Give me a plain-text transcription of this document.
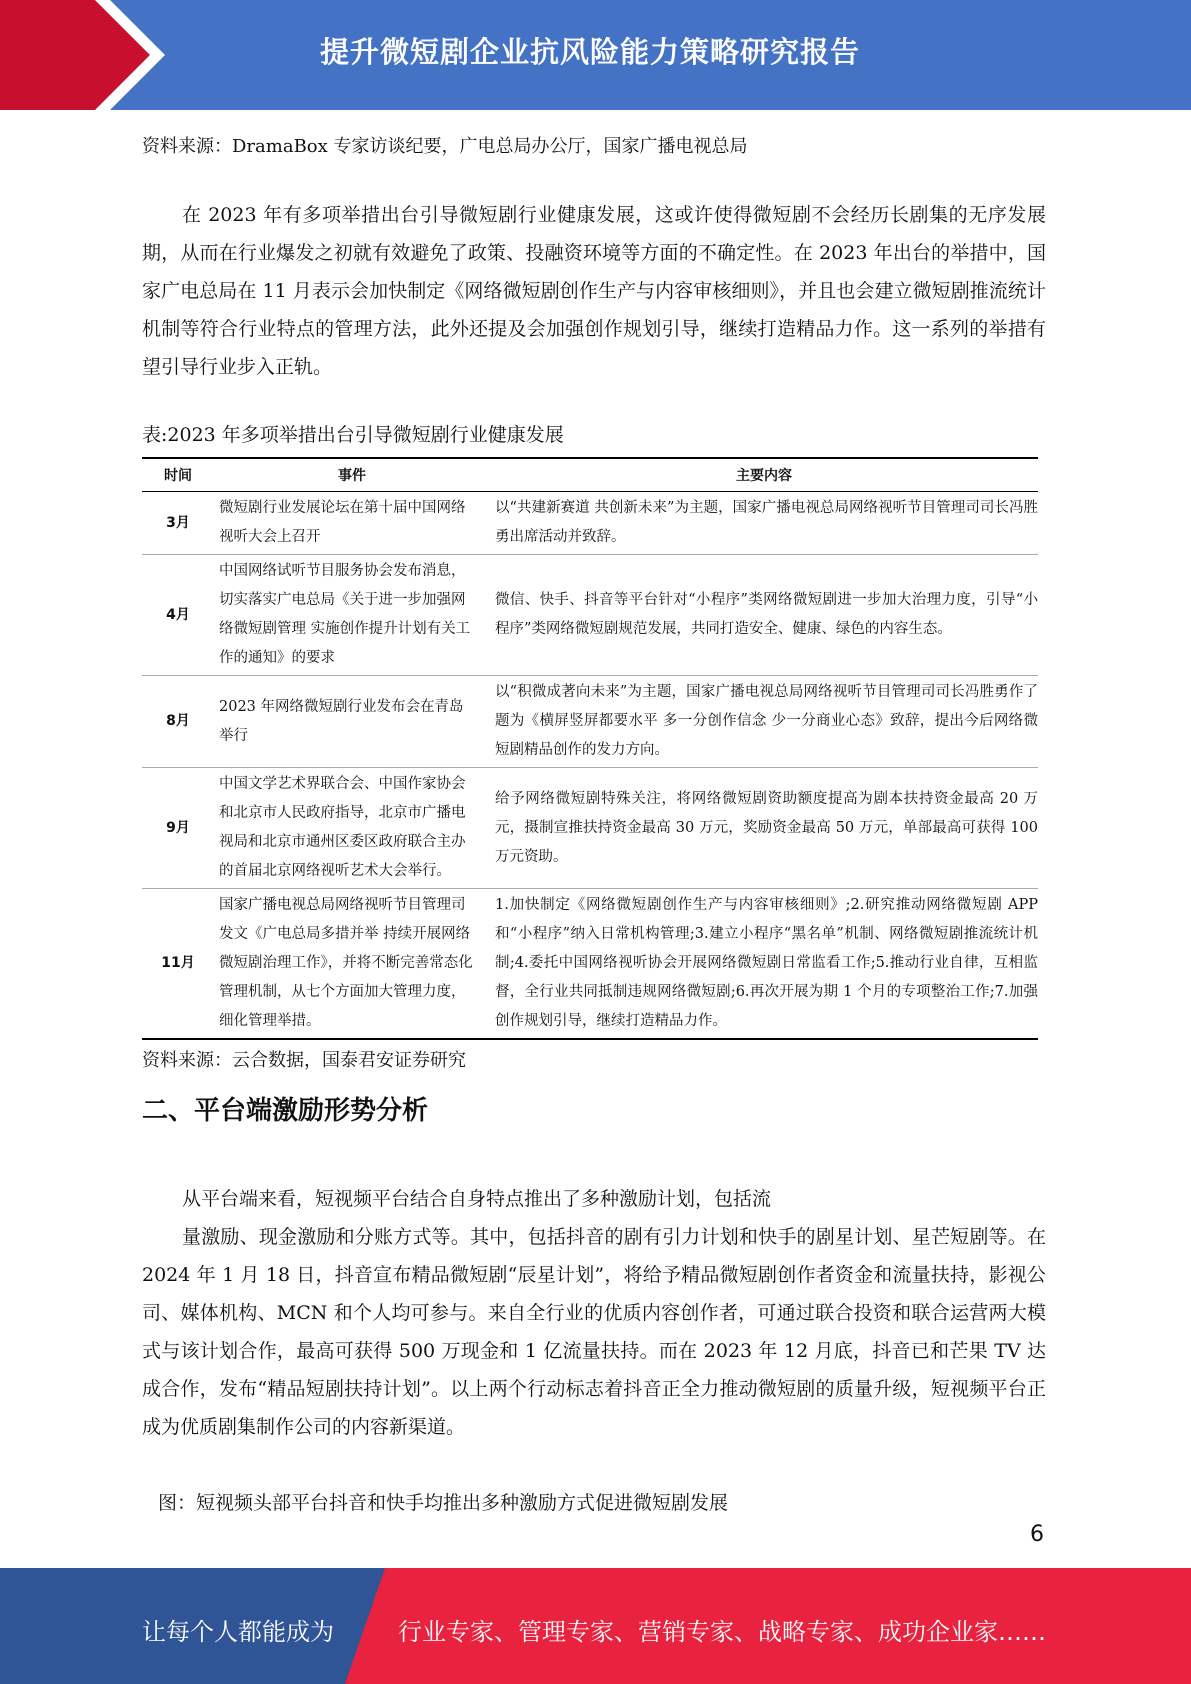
提升微短剧企业抗风险能力策略研究报告
资料来源：DramaBox 专家访谈纪要，广电总局办公厅，国家广播电视总局
在 2023 年有多项举措出台引导微短剧行业健康发展，这或许使得微短剧不会经历长剧集的无序发展期，从而在行业爆发之初就有效避免了政策、投融资环境等方面的不确定性。在 2023 年出台的举措中，国家广电总局在 11 月表示会加快制定《网络微短剧创作生产与内容审核细则》，并且也会建立微短剧推流统计机制等符合行业特点的管理方法，此外还提及会加强创作规划引导，继续打造精品力作。这一系列的举措有望引导行业步入正轨。
表:2023 年多项举措出台引导微短剧行业健康发展
时间	事件	主要内容
3月	微短剧行业发展论坛在第十届中国网络视听大会上召开	以“共建新赛道 共创新未来”为主题，国家广播电视总局网络视听节目管理司司长冯胜勇出席活动并致辞。
4月	中国网络试听节目服务协会发布消息，切实落实广电总局《关于进一步加强网络微短剧管理 实施创作提升计划有关工作的通知》的要求	微信、快手、抖音等平台针对“小程序”类网络微短剧进一步加大治理力度，引导“小程序”类网络微短剧规范发展，共同打造安全、健康、绿色的内容生态。
8月	2023 年网络微短剧行业发布会在青岛举行	以“积微成著向未来”为主题，国家广播电视总局网络视听节目管理司司长冯胜勇作了题为《横屏竖屏都要水平 多一分创作信念 少一分商业心态》致辞，提出今后网络微短剧精品创作的发力方向。
9月	中国文学艺术界联合会、中国作家协会和北京市人民政府指导，北京市广播电视局和北京市通州区委区政府联合主办的首届北京网络视听艺术大会举行。	给予网络微短剧特殊关注，将网络微短剧资助额度提高为剧本扶持资金最高 20 万元，摄制宣推扶持资金最高 30 万元，奖励资金最高 50 万元，单部最高可获得 100 万元资助。
11月	国家广播电视总局网络视听节目管理司发文《广电总局多措并举 持续开展网络微短剧治理工作》，并将不断完善常态化管理机制，从七个方面加大管理力度，细化管理举措。	1.加快制定《网络微短剧创作生产与内容审核细则》;2.研究推动网络微短剧 APP 和“小程序”纳入日常机构管理;3.建立小程序“黑名单”机制、网络微短剧推流统计机制;4.委托中国网络视听协会开展网络微短剧日常监看工作;5.推动行业自律，互相监督，全行业共同抵制违规网络微短剧;6.再次开展为期 1 个月的专项整治工作;7.加强创作规划引导，继续打造精品力作。
资料来源：云合数据，国泰君安证券研究
二、平台端激励形势分析
从平台端来看，短视频平台结合自身特点推出了多种激励计划，包括流
量激励、现金激励和分账方式等。其中，包括抖音的剧有引力计划和快手的剧星计划、星芒短剧等。在 2024 年 1 月 18 日，抖音宣布精品微短剧“辰星计划”，将给予精品微短剧创作者资金和流量扶持，影视公司、媒体机构、MCN 和个人均可参与。来自全行业的优质内容创作者，可通过联合投资和联合运营两大模式与该计划合作，最高可获得 500 万现金和 1 亿流量扶持。而在 2023 年 12 月底，抖音已和芒果 TV 达成合作，发布“精品短剧扶持计划”。以上两个行动标志着抖音正全力推动微短剧的质量升级，短视频平台正成为优质剧集制作公司的内容新渠道。
图：短视频头部平台抖音和快手均推出多种激励方式促进微短剧发展
6
让每个人都能成为	行业专家、管理专家、营销专家、战略专家、成功企业家……
